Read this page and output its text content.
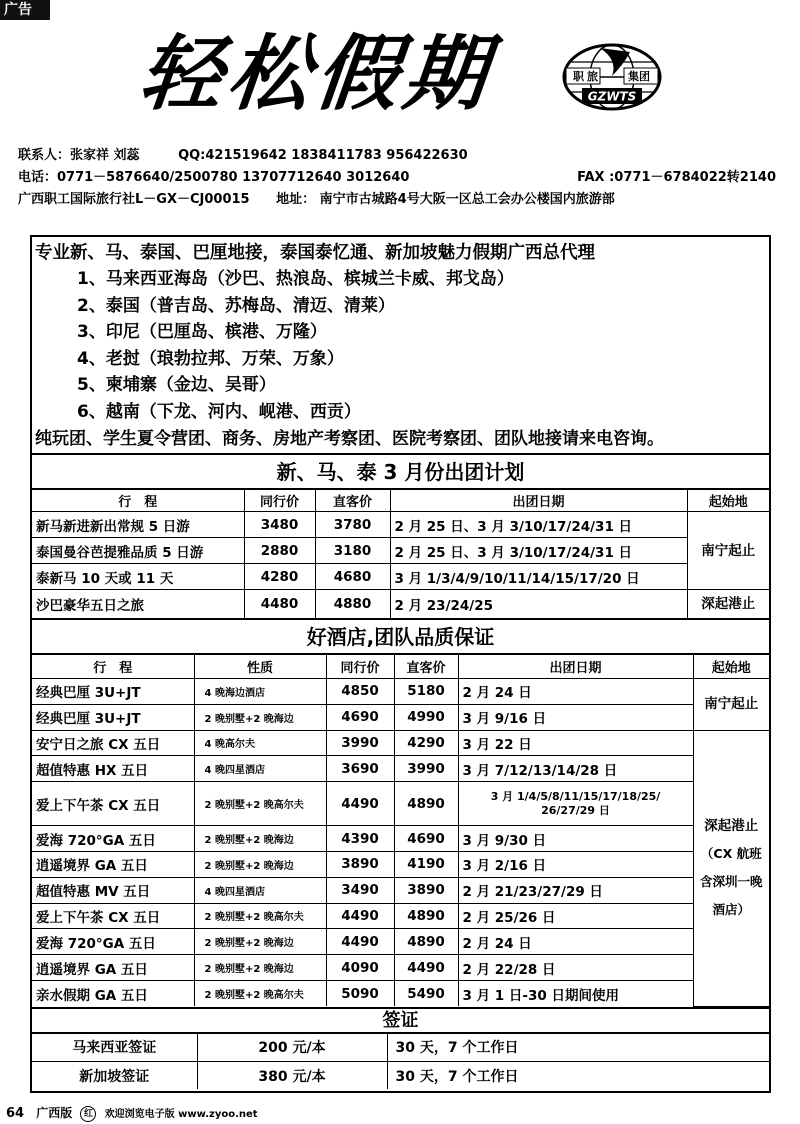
广告
轻松假期	职 旅	集团
GZWTS
联系人：张家祥 刘蕊	QQ:421519642 1838411783 956422630
电话：0771－5876640/2500780 13707712640 3012640	FAX :0771－6784022转2140
广西职工国际旅行社L－GX－CJ00015 地址： 南宁市古城路4号大阪一区总工会办公楼国内旅游部
专业新、马、泰国、巴厘地接，泰国泰忆通、新加坡魅力假期广西总代理
1、马来西亚海岛（沙巴、热浪岛、槟城兰卡威、邦戈岛）
2、泰国（普吉岛、苏梅岛、清迈、清莱）
3、印尼（巴厘岛、槟港、万隆）
4、老挝（琅勃拉邦、万荣、万象）
5、柬埔寨（金边、吴哥）
6、越南（下龙、河内、岘港、西贡）
纯玩团、学生夏令营团、商务、房地产考察团、医院考察团、团队地接请来电咨询。
新、马、泰 3 月份出团计划
行　程	同行价	直客价	出团日期	起始地
新马新进新出常规 5 日游	3480	3780	2 月 25 日、3 月 3/10/17/24/31 日	南宁起止
泰国曼谷芭提雅品质 5 日游	2880	3180	2 月 25 日、3 月 3/10/17/24/31 日	
泰新马 10 天或 11 天	4280	4680	3 月 1/3/4/9/10/11/14/15/17/20 日	
沙巴豪华五日之旅	4480	4880	2 月 23/24/25	深起港止
好酒店,团队品质保证
行　程	性质	同行价	直客价	出团日期	起始地
经典巴厘 3U+JT	4 晚海边酒店	4850	5180	2 月 24 日	南宁起止
经典巴厘 3U+JT	2 晚别墅+2 晚海边	4690	4990	3 月 9/16 日	
安宁日之旅 CX 五日	4 晚高尔夫	3990	4290	3 月 22 日	深起港止
（CX 航班含深圳一晚酒店）
超值特惠 HX 五日	4 晚四星酒店	3690	3990	3 月 7/12/13/14/28 日	
爱上下午茶 CX 五日	2 晚别墅+2 晚高尔夫	4490	4890	3 月 1/4/5/8/11/15/17/18/25/ 26/27/29 日	
爱海 720°GA 五日	2 晚别墅+2 晚海边	4390	4690	3 月 9/30 日	
逍遥境界 GA 五日	2 晚别墅+2 晚海边	3890	4190	3 月 2/16 日	
超值特惠 MV 五日	4 晚四星酒店	3490	3890	2 月 21/23/27/29 日	
爱上下午茶 CX 五日	2 晚别墅+2 晚高尔夫	4490	4890	2 月 25/26 日	
爱海 720°GA 五日	2 晚别墅+2 晚海边	4490	4890	2 月 24 日	
逍遥境界 GA 五日	2 晚别墅+2 晚海边	4090	4490	2 月 22/28 日	
亲水假期 GA 五日	2 晚别墅+2 晚高尔夫	5090	5490	3 月 1 日-30 日期间使用	
签证
马来西亚签证	200 元/本	30 天，7 个工作日
新加坡签证	380 元/本	30 天，7 个工作日
64 广西版 红 欢迎浏览电子版 www.zyoo.net
